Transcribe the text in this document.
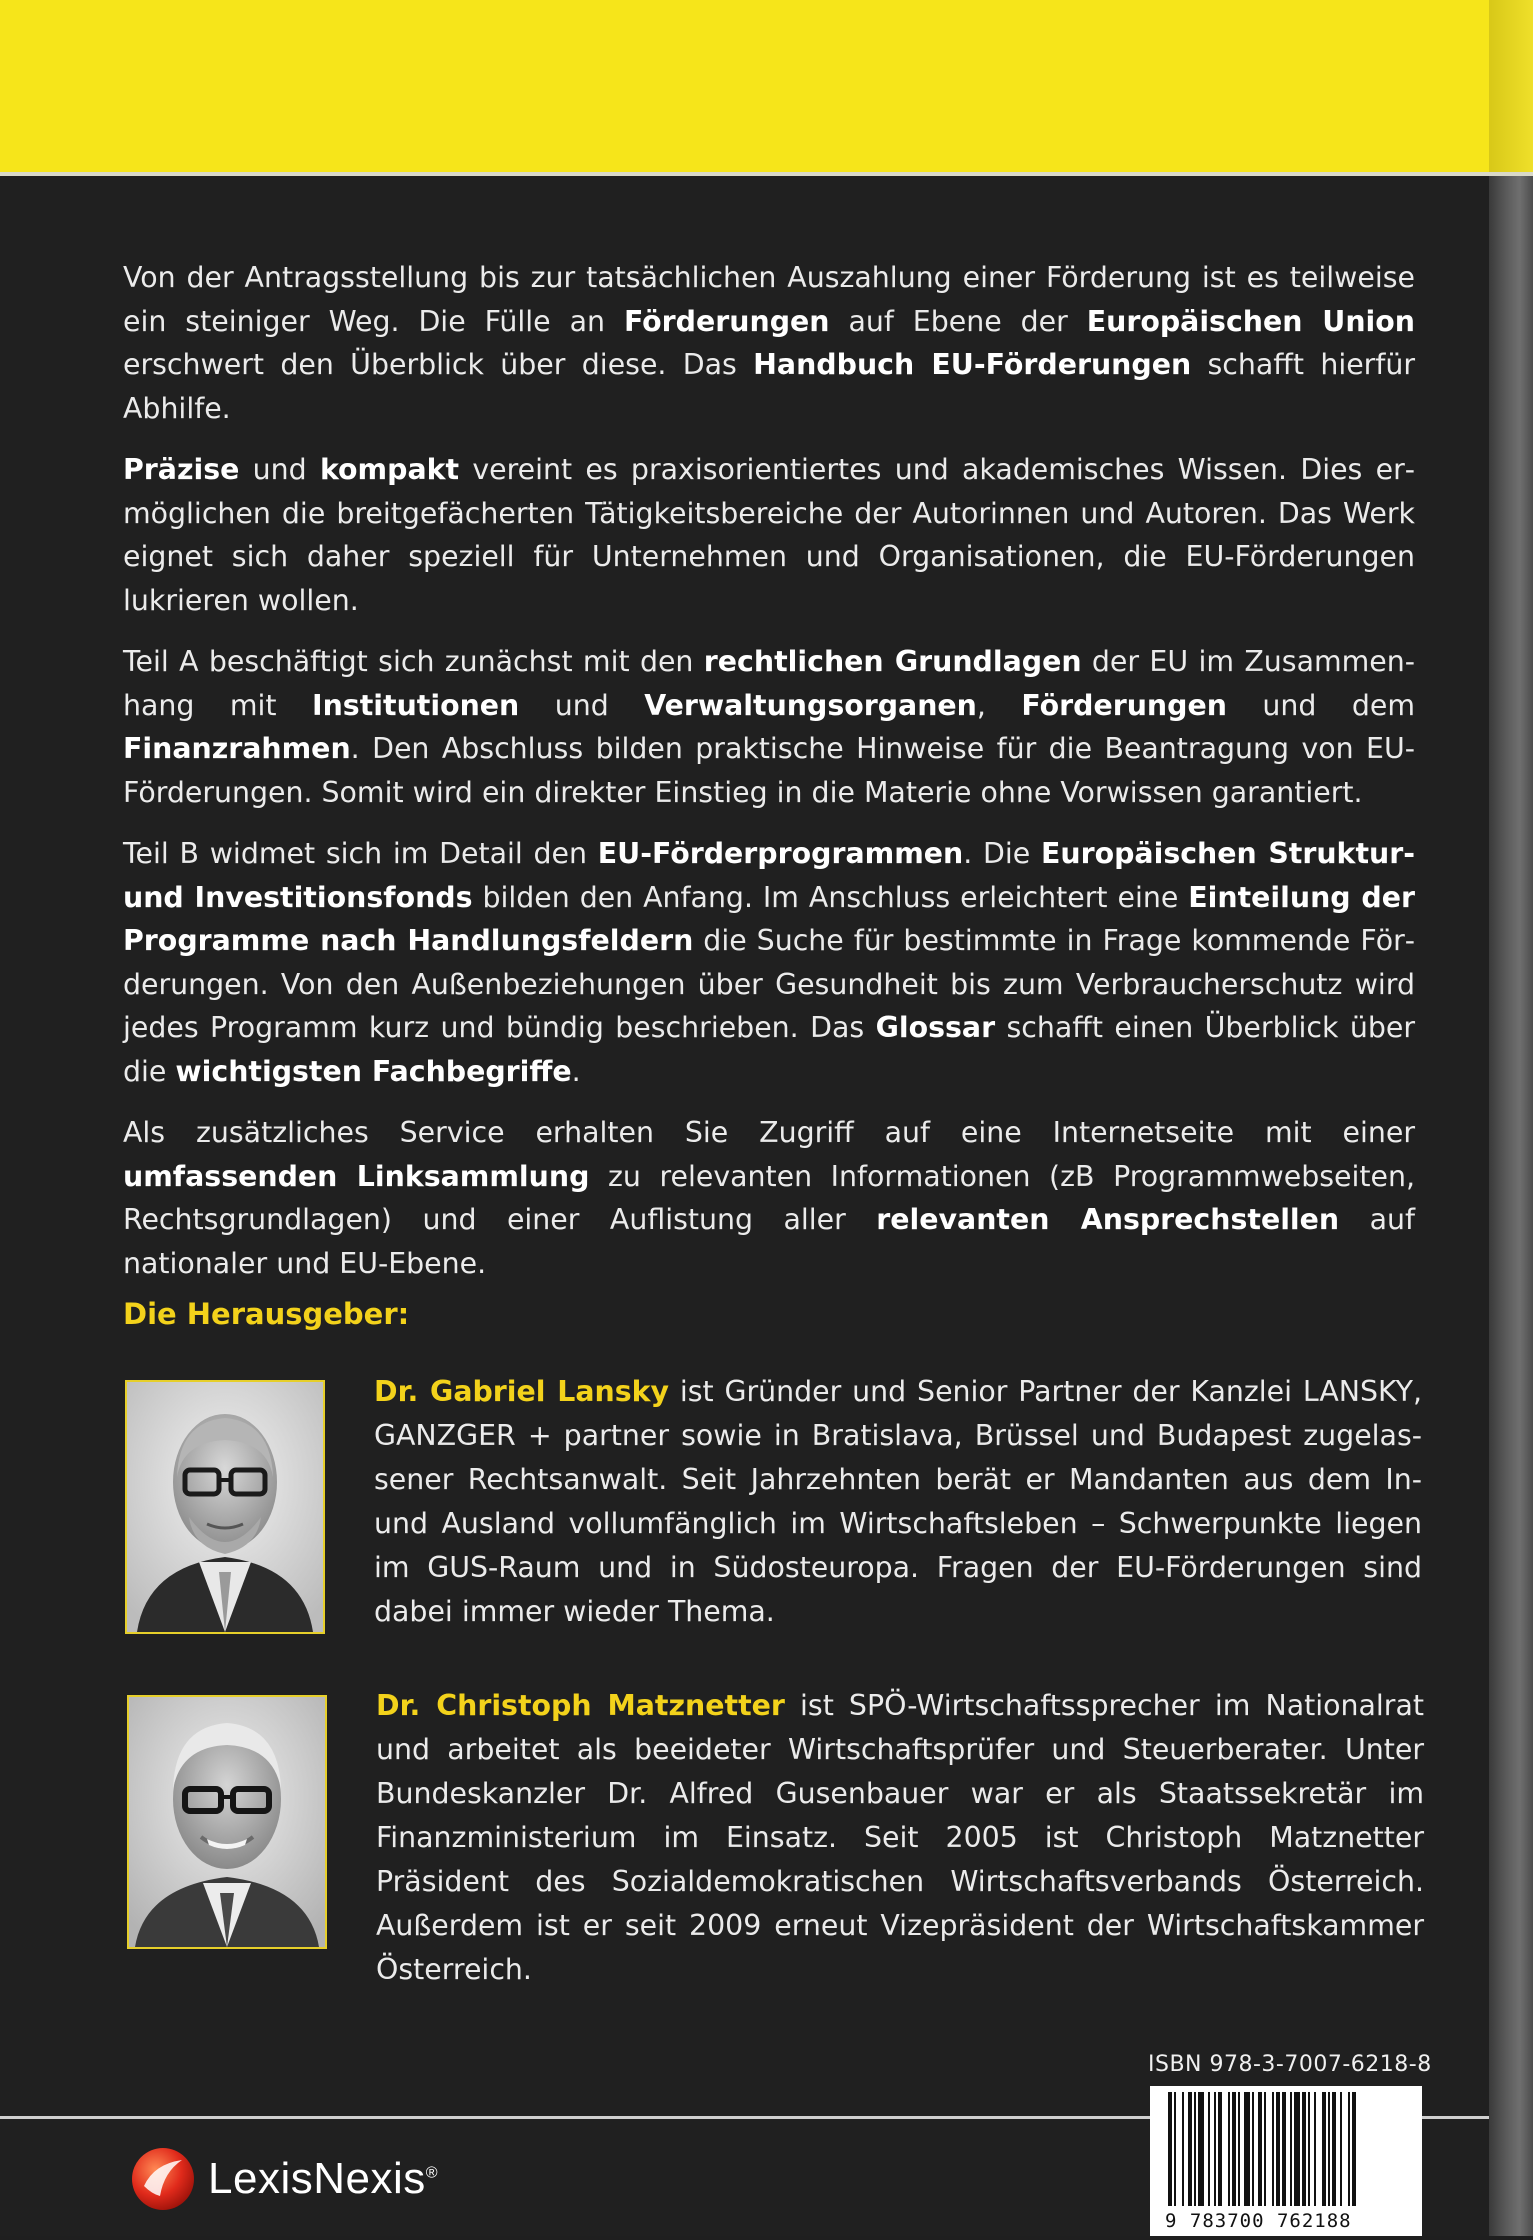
Von der Antragsstellung bis zur tatsächlichen Auszahlung einer Förderung ist es teilweise ein steiniger Weg. Die Fülle an Förderungen auf Ebene der Europäischen Union erschwert den Überblick über diese. Das Handbuch EU-Förderungen schafft hierfür Abhilfe.

Präzise und kompakt vereint es praxisorientiertes und akademisches Wissen. Dies ermöglichen die breitgefächerten Tätigkeitsbereiche der Autorinnen und Autoren. Das Werk eignet sich daher speziell für Unternehmen und Organisationen, die EU-Förderungen lukrieren wollen.

Teil A beschäftigt sich zunächst mit den rechtlichen Grundlagen der EU im Zusammenhang mit Institutionen und Verwaltungsorganen, Förderungen und dem Finanzrahmen. Den Abschluss bilden praktische Hinweise für die Beantragung von EU-Förderungen. Somit wird ein direkter Einstieg in die Materie ohne Vorwissen garantiert.

Teil B widmet sich im Detail den EU-Förderprogrammen. Die Europäischen Struktur- und Investitionsfonds bilden den Anfang. Im Anschluss erleichtert eine Einteilung der Programme nach Handlungsfeldern die Suche für bestimmte in Frage kommende Förderungen. Von den Außenbeziehungen über Gesundheit bis zum Verbraucherschutz wird jedes Programm kurz und bündig beschrieben. Das Glossar schafft einen Überblick über die wichtigsten Fachbegriffe.

Als zusätzliches Service erhalten Sie Zugriff auf eine Internetseite mit einer umfassenden Linksammlung zu relevanten Informationen (zB Programmwebseiten, Rechtsgrundlagen) und einer Auflistung aller relevanten Ansprechstellen auf nationaler und EU-Ebene.

Die Herausgeber:
Dr. Gabriel Lansky ist Gründer und Senior Partner der Kanzlei LANSKY, GANZGER + partner sowie in Bratislava, Brüssel und Budapest zugelassener Rechtsanwalt. Seit Jahrzehnten berät er Mandanten aus dem In- und Ausland vollumfänglich im Wirtschaftsleben – Schwerpunkte liegen im GUS-Raum und in Südosteuropa. Fragen der EU-Förderungen sind dabei immer wieder Thema.
Dr. Christoph Matznetter ist SPÖ-Wirtschaftssprecher im Nationalrat und arbeitet als beeideter Wirtschaftsprüfer und Steuerberater. Unter Bundeskanzler Dr. Alfred Gusenbauer war er als Staatssekretär im Finanzministerium im Einsatz. Seit 2005 ist Christoph Matznetter Präsident des Sozialdemokratischen Wirtschaftsverbands Österreich. Außerdem ist er seit 2009 erneut Vizepräsident der Wirtschaftskammer Österreich.
ISBN 978-3-7007-6218-8
9 783700 762188
LexisNexis®
